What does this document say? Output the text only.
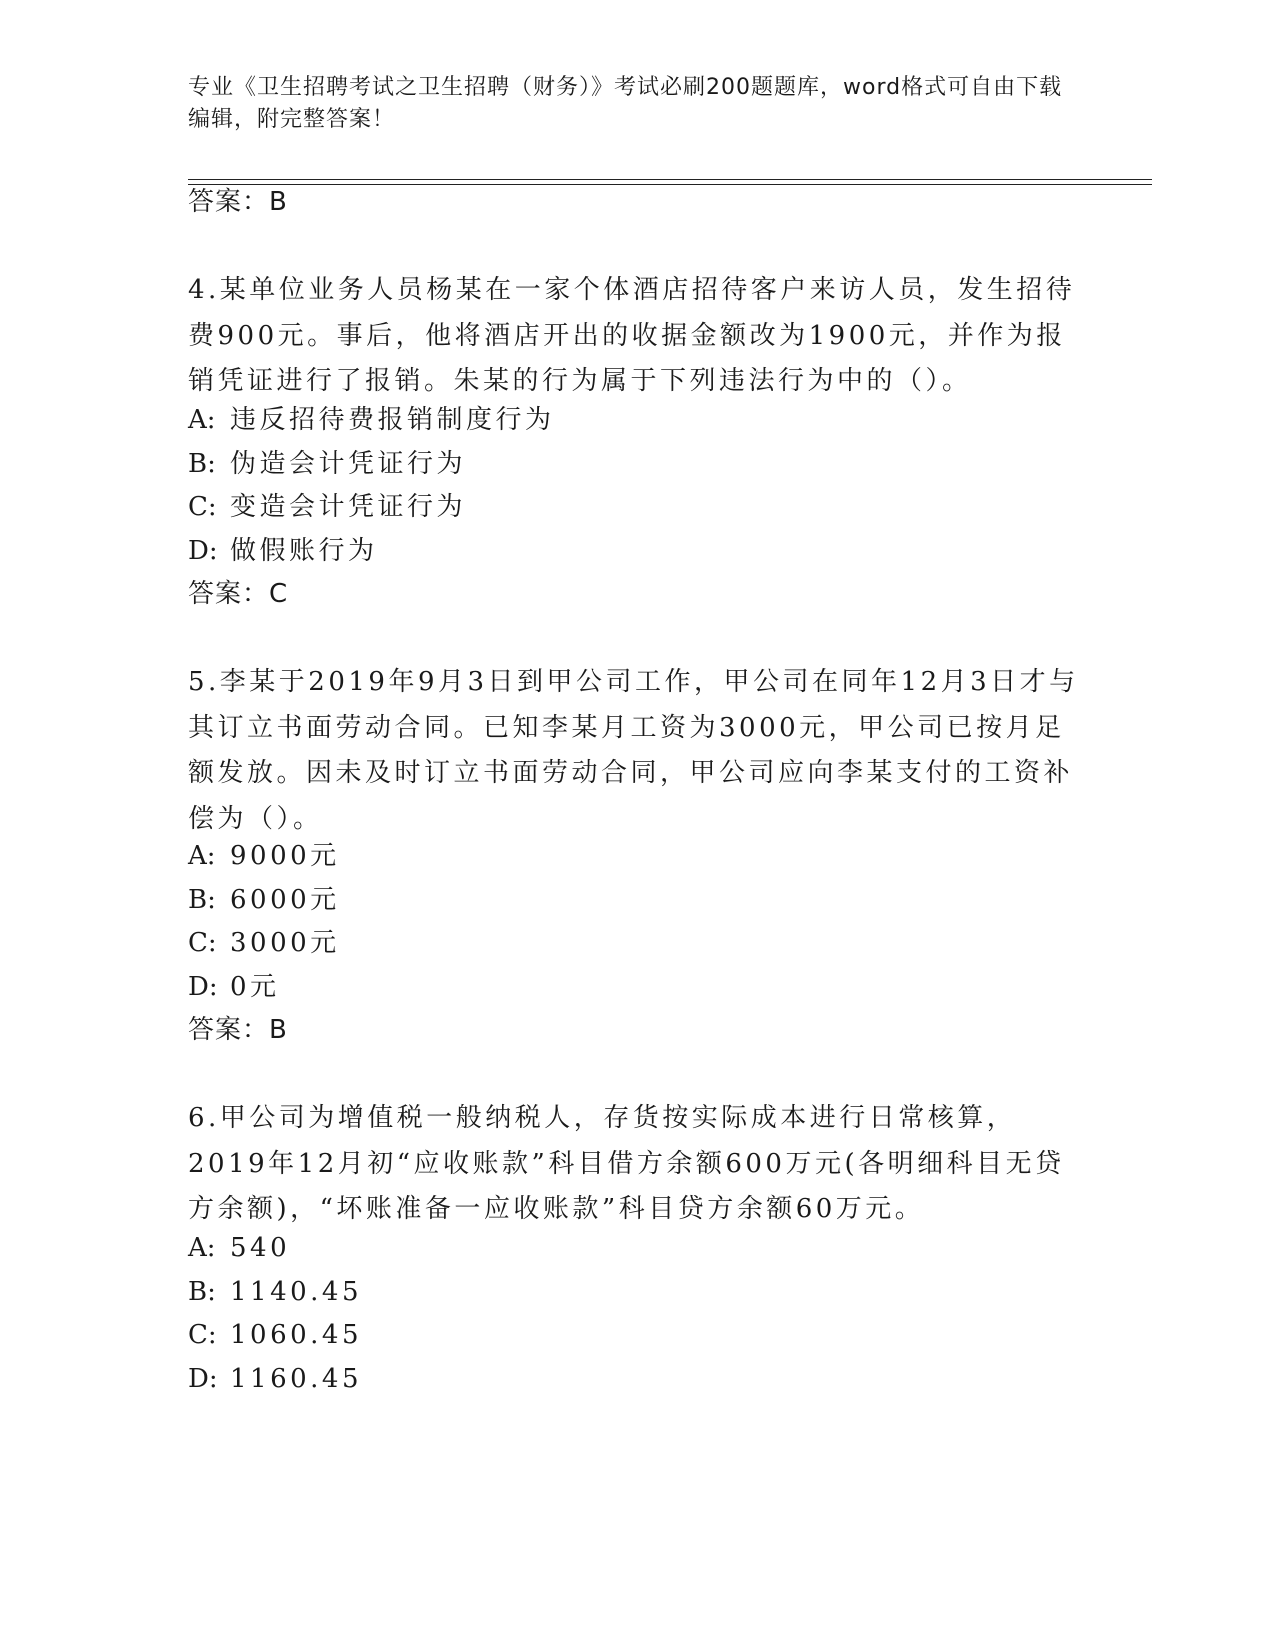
专业《卫生招聘考试之卫生招聘（财务）》考试必刷200题题库，word格式可自由下载编辑，附完整答案！
答案：B
4.某单位业务人员杨某在一家个体酒店招待客户来访人员，发生招待费900元。事后，他将酒店开出的收据金额改为1900元，并作为报销凭证进行了报销。朱某的行为属于下列违法行为中的（）。
A: 违反招待费报销制度行为
B: 伪造会计凭证行为
C: 变造会计凭证行为
D: 做假账行为
答案：C
5.李某于2019年9月3日到甲公司工作，甲公司在同年12月3日才与其订立书面劳动合同。已知李某月工资为3000元，甲公司已按月足额发放。因未及时订立书面劳动合同，甲公司应向李某支付的工资补偿为（）。
A: 9000元
B: 6000元
C: 3000元
D: 0元
答案：B
6.甲公司为增值税一般纳税人，存货按实际成本进行日常核算，2019年12月初“应收账款”科目借方余额600万元(各明细科目无贷方余额)，“坏账准备一应收账款”科目贷方余额60万元。
A: 540
B: 1140.45
C: 1060.45
D: 1160.45
